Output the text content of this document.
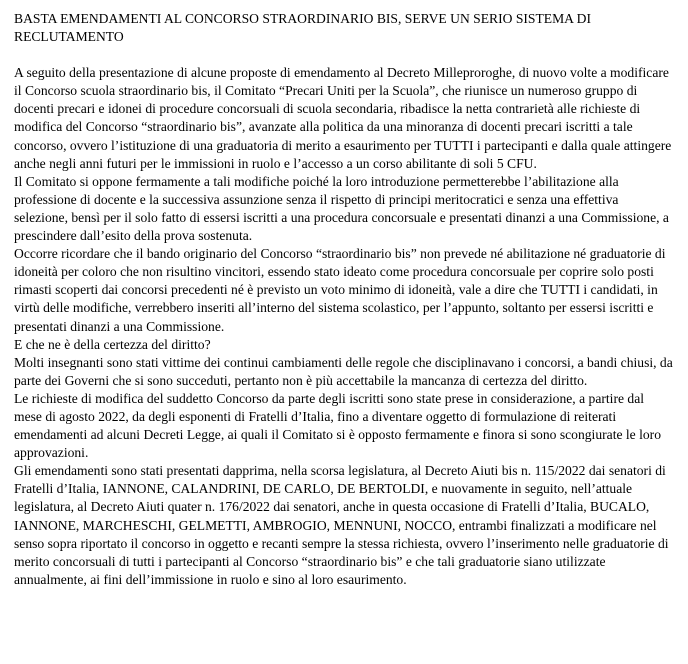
BASTA EMENDAMENTI AL CONCORSO STRAORDINARIO BIS, SERVE UN SERIO SISTEMA DI RECLUTAMENTO

A seguito della presentazione di alcune proposte di emendamento al Decreto Milleproroghe, di nuovo volte a modificare il Concorso scuola straordinario bis, il Comitato “Precari Uniti per la Scuola”, che riunisce un numeroso gruppo di docenti precari e idonei di procedure concorsuali di scuola secondaria, ribadisce la netta contrarietà alle richieste di modifica del Concorso “straordinario bis”, avanzate alla politica da una minoranza di docenti precari iscritti a tale concorso, ovvero l’istituzione di una graduatoria di merito a esaurimento per TUTTI i partecipanti e dalla quale attingere anche negli anni futuri per le immissioni in ruolo e l’accesso a un corso abilitante di soli 5 CFU.

Il Comitato si oppone fermamente a tali modifiche poiché la loro introduzione permetterebbe l’abilitazione alla professione di docente e la successiva assunzione senza il rispetto di principi meritocratici e senza una effettiva selezione, bensì per il solo fatto di essersi iscritti a una procedura concorsuale e presentati dinanzi a una Commissione, a prescindere dall’esito della prova sostenuta.

Occorre ricordare che il bando originario del Concorso “straordinario bis” non prevede né abilitazione né graduatorie di idoneità per coloro che non risultino vincitori, essendo stato ideato come procedura concorsuale per coprire solo posti rimasti scoperti dai concorsi precedenti né è previsto un voto minimo di idoneità, vale a dire che TUTTI i candidati, in virtù delle modifiche, verrebbero inseriti all’interno del sistema scolastico, per l’appunto, soltanto per essersi iscritti e presentati dinanzi a una Commissione.

E che ne è della certezza del diritto?

Molti insegnanti sono stati vittime dei continui cambiamenti delle regole che disciplinavano i concorsi, a bandi chiusi, da parte dei Governi che si sono succeduti, pertanto non è più accettabile la mancanza di certezza del diritto.

Le richieste di modifica del suddetto Concorso da parte degli iscritti sono state prese in considerazione, a partire dal mese di agosto 2022, da degli esponenti di Fratelli d’Italia, fino a diventare oggetto di formulazione di reiterati emendamenti ad alcuni Decreti Legge, ai quali il Comitato si è opposto fermamente e finora si sono scongiurate le loro approvazioni.

Gli emendamenti sono stati presentati dapprima, nella scorsa legislatura, al Decreto Aiuti bis n. 115/2022 dai senatori di Fratelli d’Italia, IANNONE, CALANDRINI, DE CARLO, DE BERTOLDI, e nuovamente in seguito, nell’attuale legislatura, al Decreto Aiuti quater n. 176/2022 dai senatori, anche in questa occasione di Fratelli d’Italia, BUCALO, IANNONE, MARCHESCHI, GELMETTI, AMBROGIO, MENNUNI, NOCCO, entrambi finalizzati a modificare nel senso sopra riportato il concorso in oggetto e recanti sempre la stessa richiesta, ovvero l’inserimento nelle graduatorie di merito concorsuali di tutti i partecipanti al Concorso “straordinario bis” e che tali graduatorie siano utilizzate annualmente, ai fini dell’immissione in ruolo e sino al loro esaurimento.
